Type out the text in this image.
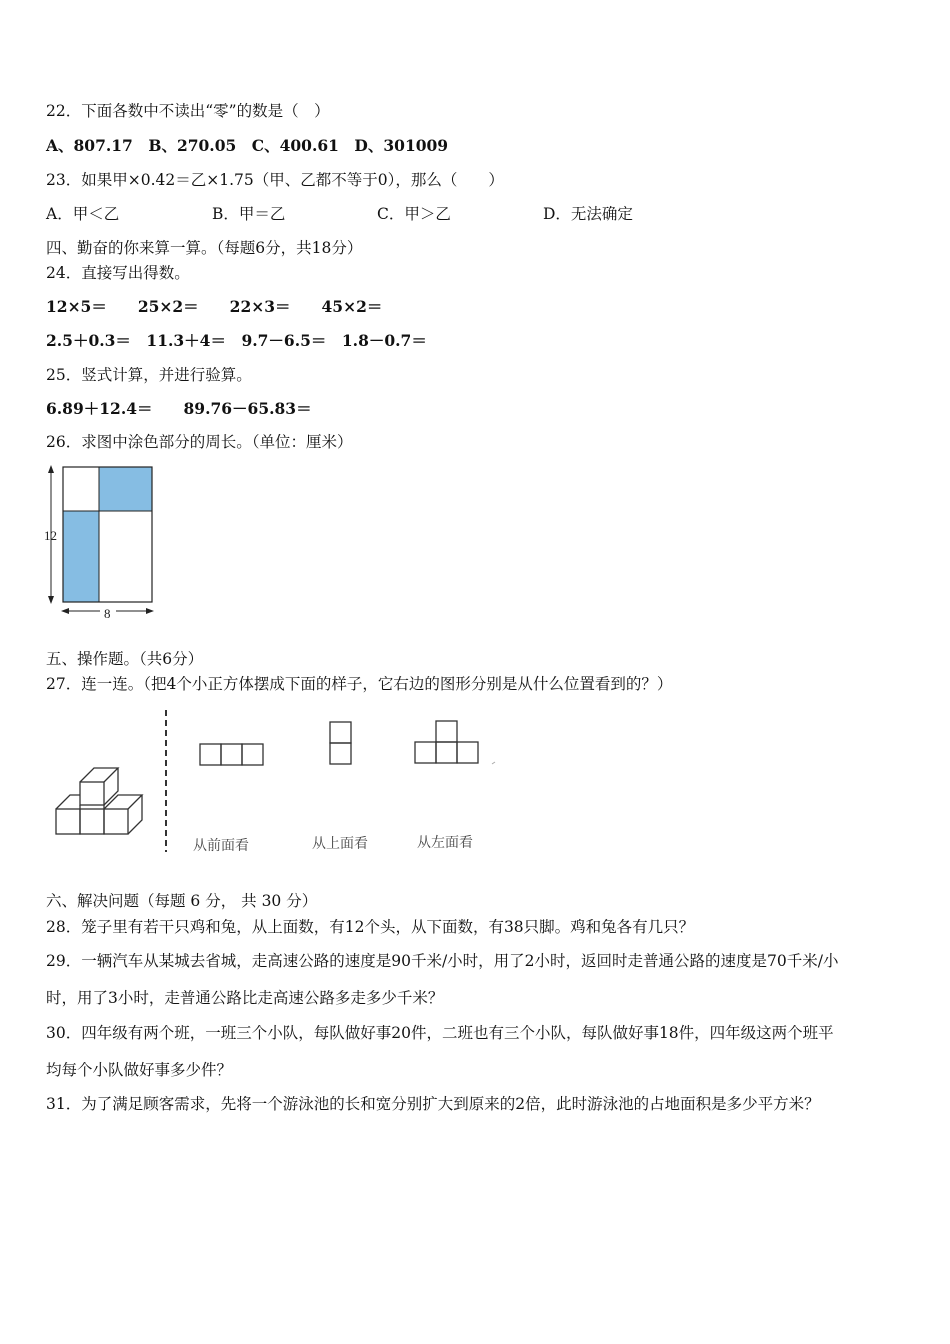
22．下面各数中不读出“零”的数是（　）
A、807.17　B、270.05　C、400.61　D、301009
23．如果甲×0.42＝乙×1.75（甲、乙都不等于0），那么（　　）
A．甲＜乙	B．甲＝乙	C．甲＞乙	D．无法确定
四、勤奋的你来算一算。（每题6分，共18分）
24．直接写出得数。
12×5＝　　25×2＝　　22×3＝　　45×2＝
2.5＋0.3＝　11.3＋4＝　9.7－6.5＝　1.8－0.7＝
25．竖式计算，并进行验算。
6.89＋12.4＝　　89.76－65.83＝
26．求图中涂色部分的周长。（单位：厘米）
12
8
五、操作题。（共6分）
27．连一连。（把4个小正方体摆成下面的样子，它右边的图形分别是从什么位置看到的？）
从前面看	从上面看	从左面看
六、解决问题（每题 6 分， 共 30 分）
28．笼子里有若干只鸡和兔，从上面数，有12个头，从下面数，有38只脚。鸡和兔各有几只？
29．一辆汽车从某城去省城，走高速公路的速度是90千米/小时，用了2小时，返回时走普通公路的速度是70千米/小
时，用了3小时，走普通公路比走高速公路多走多少千米？
30．四年级有两个班，一班三个小队，每队做好事20件，二班也有三个小队，每队做好事18件，四年级这两个班平
均每个小队做好事多少件？
31．为了满足顾客需求，先将一个游泳池的长和宽分别扩大到原来的2倍，此时游泳池的占地面积是多少平方米？
